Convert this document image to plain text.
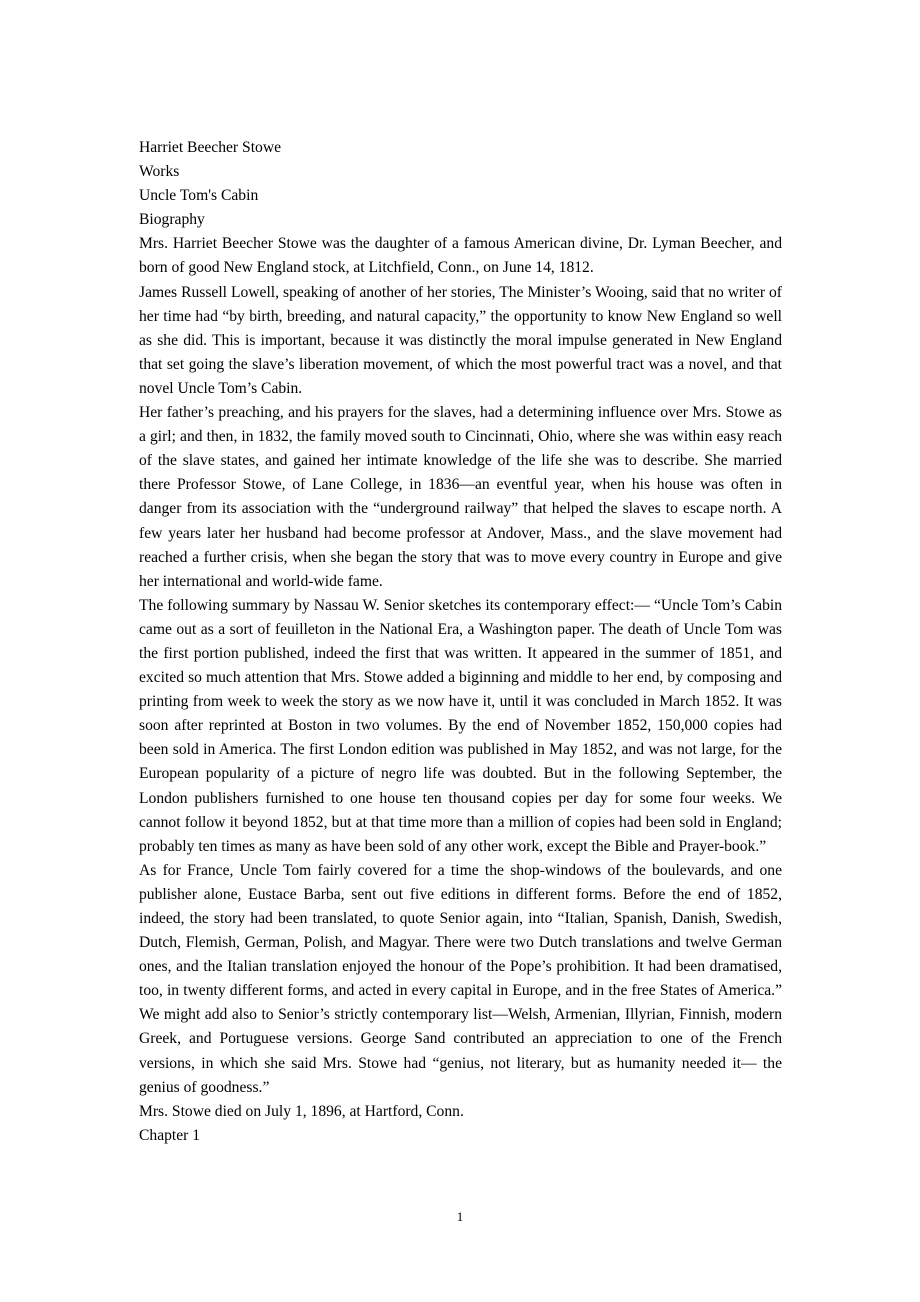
Harriet Beecher Stowe

Works

Uncle Tom's Cabin

Biography

Mrs. Harriet Beecher Stowe was the daughter of a famous American divine, Dr. Lyman Beecher, and born of good New England stock, at Litchfield, Conn., on June 14, 1812.

James Russell Lowell, speaking of another of her stories, The Minister’s Wooing, said that no writer of her time had “by birth, breeding, and natural capacity,” the opportunity to know New England so well as she did. This is important, because it was distinctly the moral impulse generated in New England that set going the slave’s liberation movement, of which the most powerful tract was a novel, and that novel Uncle Tom’s Cabin.

Her father’s preaching, and his prayers for the slaves, had a determining influence over Mrs. Stowe as a girl; and then, in 1832, the family moved south to Cincinnati, Ohio, where she was within easy reach of the slave states, and gained her intimate knowledge of the life she was to describe. She married there Professor Stowe, of Lane College, in 1836—an eventful year, when his house was often in danger from its association with the “underground railway” that helped the slaves to escape north. A few years later her husband had become professor at Andover, Mass., and the slave movement had reached a further crisis, when she began the story that was to move every country in Europe and give her international and world-wide fame.

The following summary by Nassau W. Senior sketches its contemporary effect:— “Uncle Tom’s Cabin came out as a sort of feuilleton in the National Era, a Washington paper. The death of Uncle Tom was the first portion published, indeed the first that was written. It appeared in the summer of 1851, and excited so much attention that Mrs. Stowe added a biginning and middle to her end, by composing and printing from week to week the story as we now have it, until it was concluded in March 1852. It was soon after reprinted at Boston in two volumes. By the end of November 1852, 150,000 copies had been sold in America. The first London edition was published in May 1852, and was not large, for the European popularity of a picture of negro life was doubted. But in the following September, the London publishers furnished to one house ten thousand copies per day for some four weeks. We cannot follow it beyond 1852, but at that time more than a million of copies had been sold in England; probably ten times as many as have been sold of any other work, except the Bible and Prayer-book.”

As for France, Uncle Tom fairly covered for a time the shop-windows of the boulevards, and one publisher alone, Eustace Barba, sent out five editions in different forms. Before the end of 1852, indeed, the story had been translated, to quote Senior again, into “Italian, Spanish, Danish, Swedish, Dutch, Flemish, German, Polish, and Magyar. There were two Dutch translations and twelve German ones, and the Italian translation enjoyed the honour of the Pope’s prohibition. It had been dramatised, too, in twenty different forms, and acted in every capital in Europe, and in the free States of America.” We might add also to Senior’s strictly contemporary list—Welsh, Armenian, Illyrian, Finnish, modern Greek, and Portuguese versions. George Sand contributed an appreciation to one of the French versions, in which she said Mrs. Stowe had “genius, not literary, but as humanity needed it— the genius of goodness.”

Mrs. Stowe died on July 1, 1896, at Hartford, Conn.

Chapter 1

1
